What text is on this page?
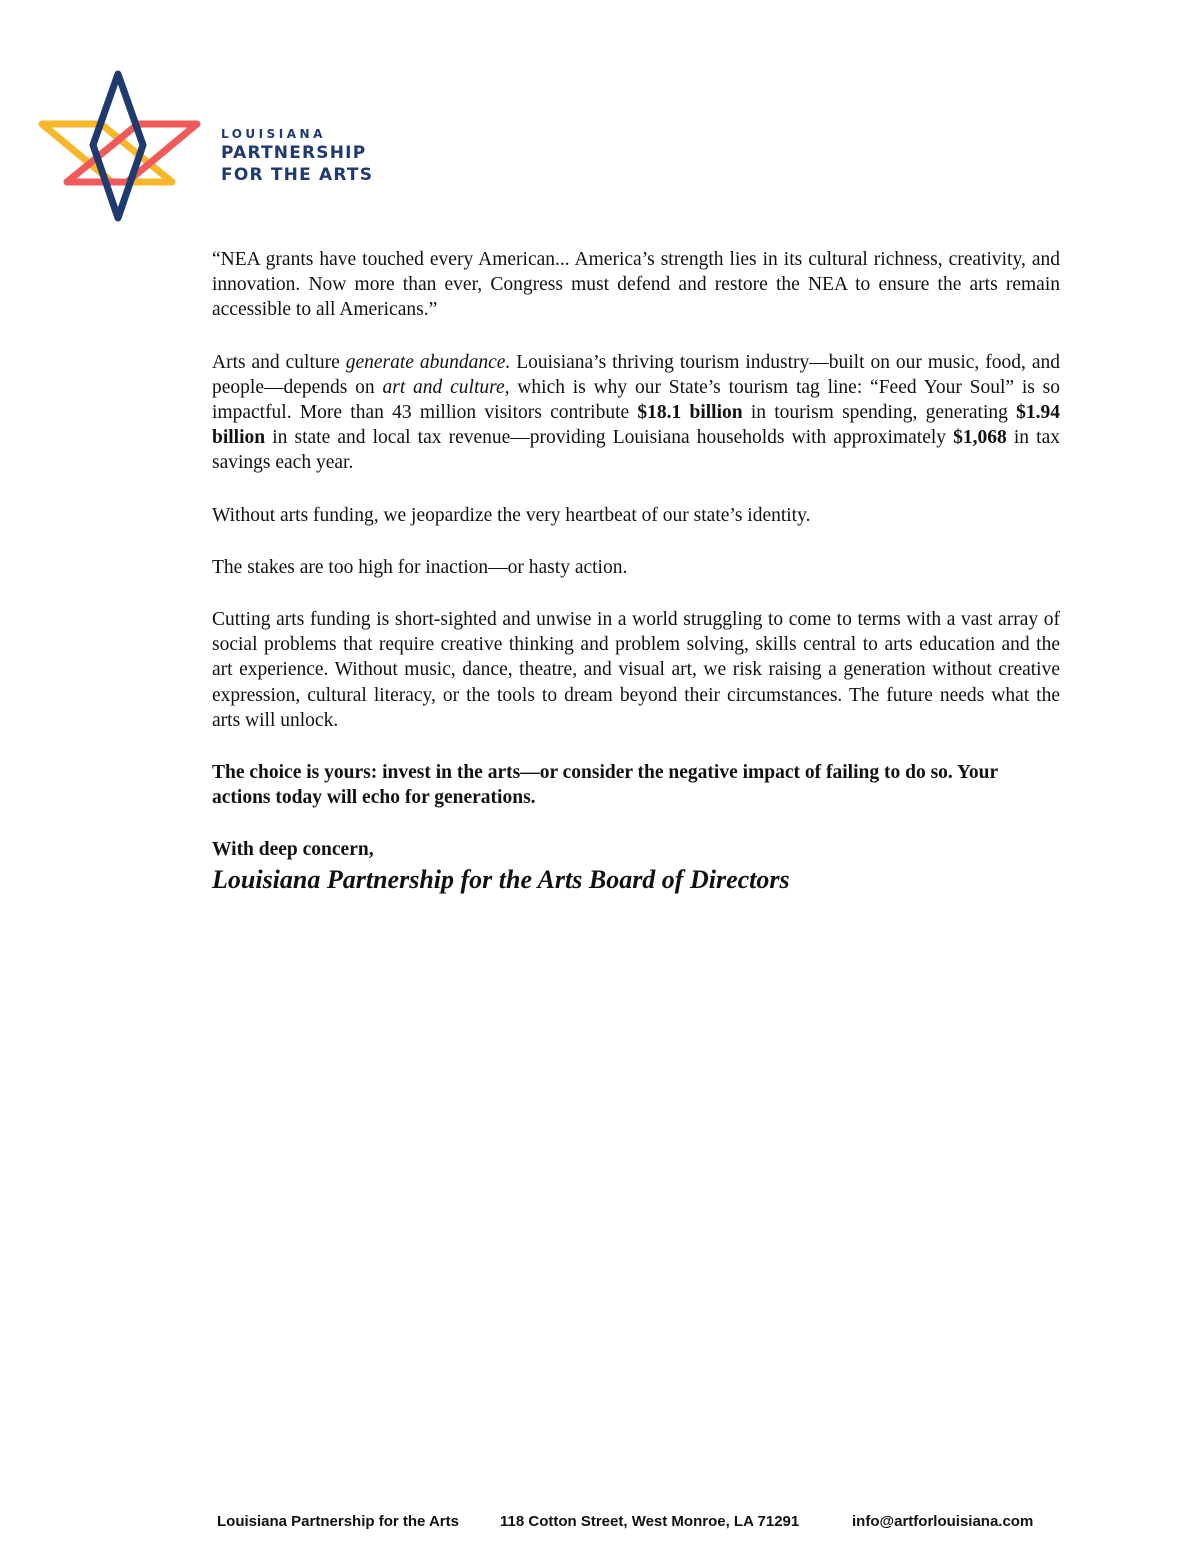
LOUISIANA
PARTNERSHIP
FOR THE ARTS

“NEA grants have touched every American... America’s strength lies in its cultural richness, creativity, and innovation. Now more than ever, Congress must defend and restore the NEA to ensure the arts remain accessible to all Americans.”

Arts and culture generate abundance. Louisiana’s thriving tourism industry—built on our music, food, and people—depends on art and culture, which is why our State’s tourism tag line: “Feed Your Soul” is so impactful. More than 43 million visitors contribute $18.1 billion in tourism spending, generating $1.94 billion in state and local tax revenue—providing Louisiana households with approximately $1,068 in tax savings each year.

Without arts funding, we jeopardize the very heartbeat of our state’s identity.

The stakes are too high for inaction—or hasty action.

Cutting arts funding is short-sighted and unwise in a world struggling to come to terms with a vast array of social problems that require creative thinking and problem solving, skills central to arts education and the art experience. Without music, dance, theatre, and visual art, we risk raising a generation without creative expression, cultural literacy, or the tools to dream beyond their circumstances. The future needs what the arts will unlock.

The choice is yours: invest in the arts—or consider the negative impact of failing to do so. Your actions today will echo for generations.

With deep concern,

Louisiana Partnership for the Arts Board of Directors
Louisiana Partnership for the Arts	118 Cotton Street, West Monroe, LA 71291	info@artforlouisiana.com
